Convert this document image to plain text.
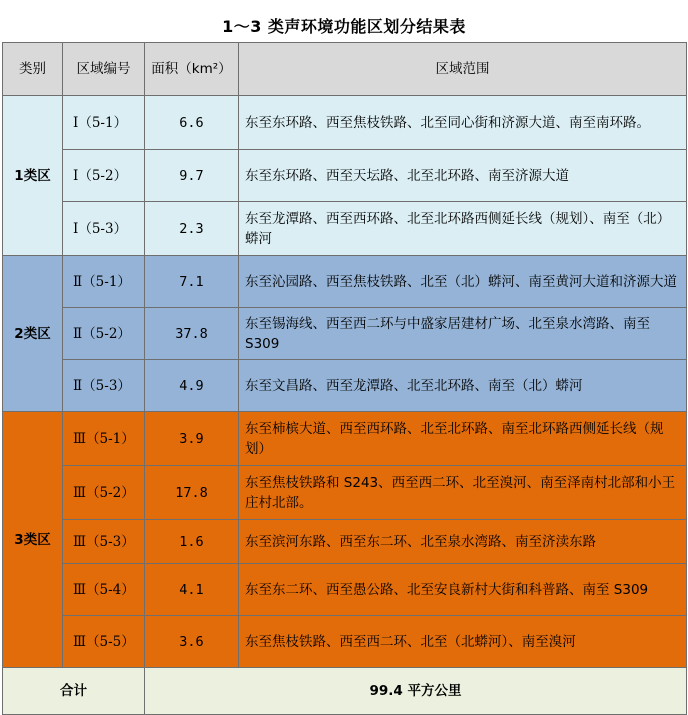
1～3 类声环境功能区划分结果表
类别	区域编号	面积（km²）	区域范围
1类区	Ⅰ（5-1）	6.6	东至东环路、西至焦枝铁路、北至同心街和济源大道、南至南环路。
	Ⅰ（5-2）	9.7	东至东环路、西至天坛路、北至北环路、南至济源大道
	Ⅰ（5-3）	2.3	东至龙潭路、西至西环路、北至北环路西侧延长线（规划）、南至（北）蟒河
2类区	Ⅱ（5-1）	7.1	东至沁园路、西至焦枝铁路、北至（北）蟒河、南至黄河大道和济源大道
	Ⅱ（5-2）	37.8	东至锡海线、西至西二环与中盛家居建材广场、北至泉水湾路、南至 S309
	Ⅱ（5-3）	4.9	东至文昌路、西至龙潭路、北至北环路、南至（北）蟒河
3类区	Ⅲ（5-1）	3.9	东至柿槟大道、西至西环路、北至北环路、南至北环路西侧延长线（规划）
	Ⅲ（5-2）	17.8	东至焦枝铁路和 S243、西至西二环、北至溴河、南至泽南村北部和小王庄村北部。
	Ⅲ（5-3）	1.6	东至滨河东路、西至东二环、北至泉水湾路、南至济渎东路
	Ⅲ（5-4）	4.1	东至东二环、西至愚公路、北至安良新村大街和科普路、南至 S309
	Ⅲ（5-5）	3.6	东至焦枝铁路、西至西二环、北至（北蟒河）、南至溴河
合计		99.4 平方公里	
